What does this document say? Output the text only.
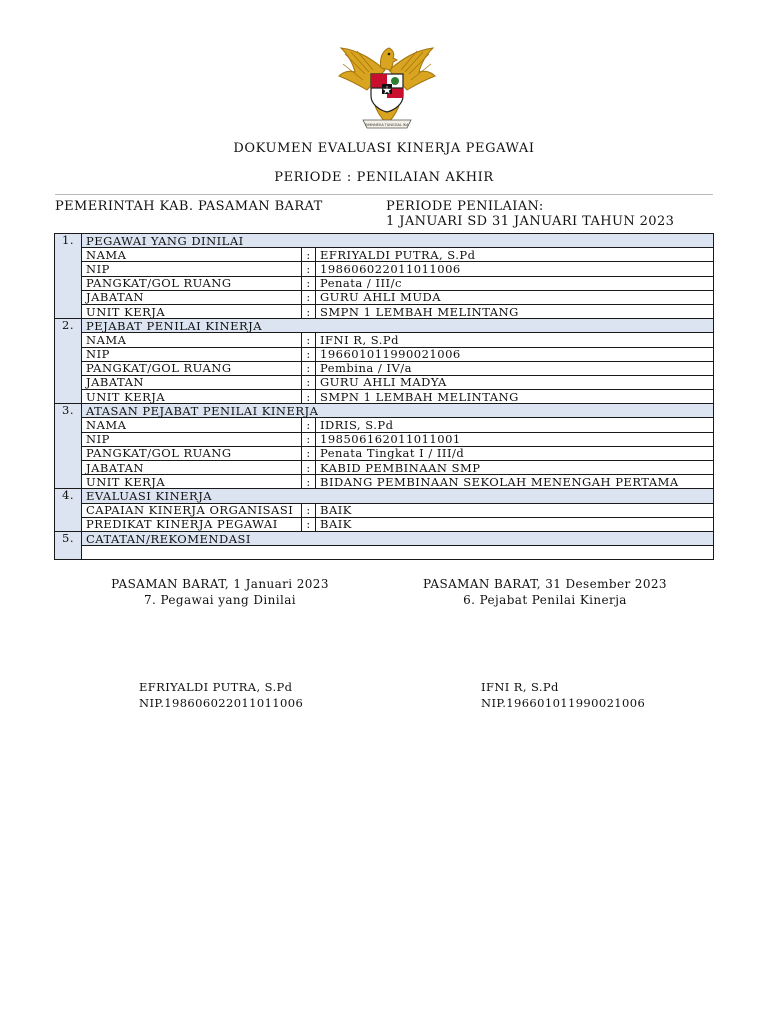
BHINNEKA TUNGGAL IKA
DOKUMEN EVALUASI KINERJA PEGAWAI
PERIODE : PENILAIAN AKHIR
PEMERINTAH KAB. PASAMAN BARAT	PERIODE PENILAIAN:
1 JANUARI SD 31 JANUARI TAHUN 2023
1.	PEGAWAI YANG DINILAI		
	NAMA	:	EFRIYALDI PUTRA, S.Pd
	NIP	:	198606022011011006
	PANGKAT/GOL RUANG	:	Penata / III/c
	JABATAN	:	GURU AHLI MUDA
	UNIT KERJA	:	SMPN 1 LEMBAH MELINTANG
2.	PEJABAT PENILAI KINERJA		
	NAMA	:	IFNI R, S.Pd
	NIP	:	196601011990021006
	PANGKAT/GOL RUANG	:	Pembina / IV/a
	JABATAN	:	GURU AHLI MADYA
	UNIT KERJA	:	SMPN 1 LEMBAH MELINTANG
3.	ATASAN PEJABAT PENILAI KINERJA		
	NAMA	:	IDRIS, S.Pd
	NIP	:	198506162011011001
	PANGKAT/GOL RUANG	:	Penata Tingkat I / III/d
	JABATAN	:	KABID PEMBINAAN SMP
	UNIT KERJA	:	BIDANG PEMBINAAN SEKOLAH MENENGAH PERTAMA
4.	EVALUASI KINERJA		
	CAPAIAN KINERJA ORGANISASI	:	BAIK
	PREDIKAT KINERJA PEGAWAI	:	BAIK
5.	CATATAN/REKOMENDASI		

PASAMAN BARAT, 1 Januari 2023
7. Pegawai yang Dinilai
PASAMAN BARAT, 31 Desember 2023
6. Pejabat Penilai Kinerja
EFRIYALDI PUTRA, S.Pd
NIP.198606022011011006
IFNI R, S.Pd
NIP.196601011990021006
